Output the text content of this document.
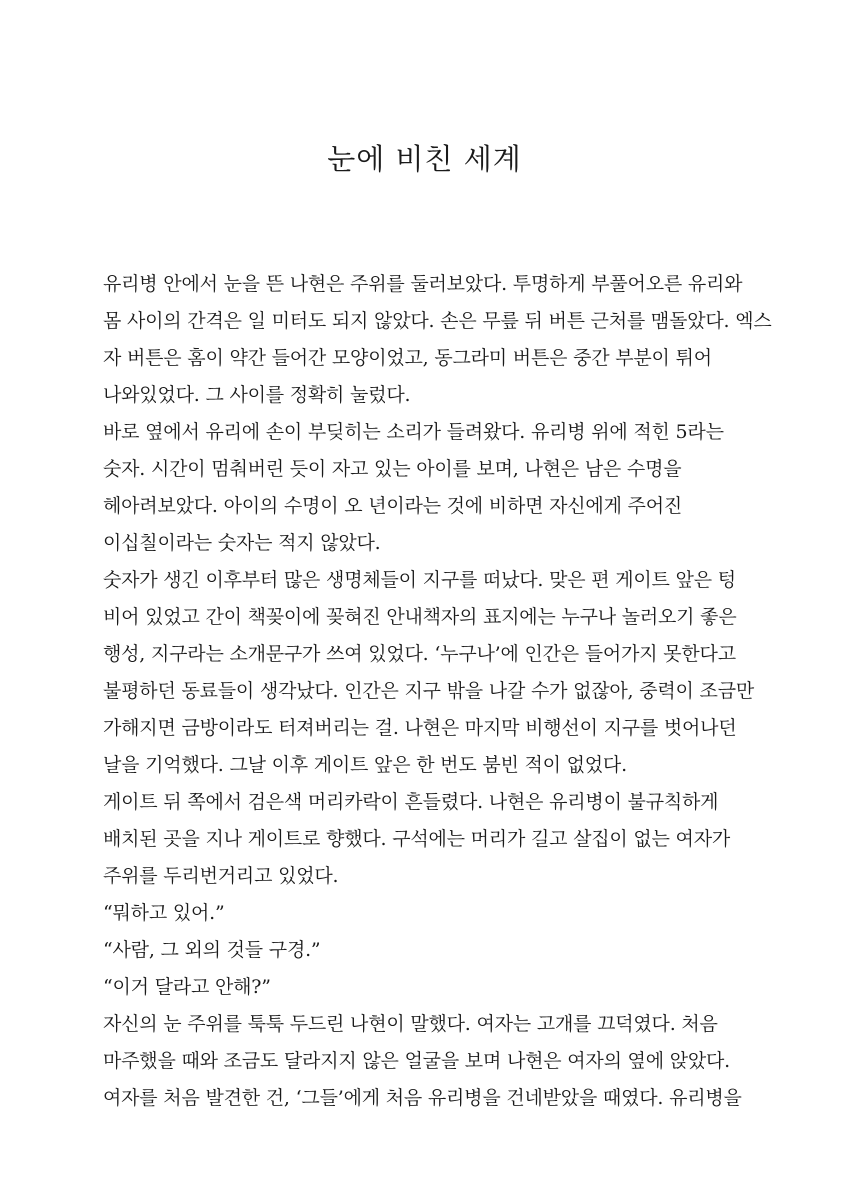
눈에 비친 세계
유리병 안에서 눈을 뜬 나현은 주위를 둘러보았다. 투명하게 부풀어오른 유리와
몸 사이의 간격은 일 미터도 되지 않았다. 손은 무릎 뒤 버튼 근처를 맴돌았다. 엑스
자 버튼은 홈이 약간 들어간 모양이었고, 동그라미 버튼은 중간 부분이 튀어
나와있었다. 그 사이를 정확히 눌렀다.
바로 옆에서 유리에 손이 부딪히는 소리가 들려왔다. 유리병 위에 적힌 5라는
숫자. 시간이 멈춰버린 듯이 자고 있는 아이를 보며, 나현은 남은 수명을
헤아려보았다. 아이의 수명이 오 년이라는 것에 비하면 자신에게 주어진
이십칠이라는 숫자는 적지 않았다.
숫자가 생긴 이후부터 많은 생명체들이 지구를 떠났다. 맞은 편 게이트 앞은 텅
비어 있었고 간이 책꽂이에 꽂혀진 안내책자의 표지에는 누구나 놀러오기 좋은
행성, 지구라는 소개문구가 쓰여 있었다. ‘누구나’에 인간은 들어가지 못한다고
불평하던 동료들이 생각났다. 인간은 지구 밖을 나갈 수가 없잖아, 중력이 조금만
가해지면 금방이라도 터져버리는 걸. 나현은 마지막 비행선이 지구를 벗어나던
날을 기억했다. 그날 이후 게이트 앞은 한 번도 붐빈 적이 없었다.
게이트 뒤 쪽에서 검은색 머리카락이 흔들렸다. 나현은 유리병이 불규칙하게
배치된 곳을 지나 게이트로 향했다. 구석에는 머리가 길고 살집이 없는 여자가
주위를 두리번거리고 있었다.
“뭐하고 있어.”
“사람, 그 외의 것들 구경.”
“이거 달라고 안해?”
자신의 눈 주위를 툭툭 두드린 나현이 말했다. 여자는 고개를 끄덕였다. 처음
마주했을 때와 조금도 달라지지 않은 얼굴을 보며 나현은 여자의 옆에 앉았다.
여자를 처음 발견한 건, ‘그들’에게 처음 유리병을 건네받았을 때였다. 유리병을
